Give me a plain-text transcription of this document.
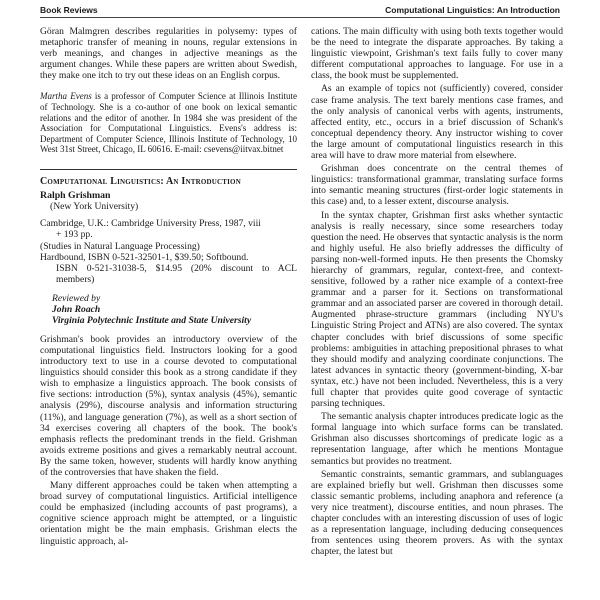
Book Reviews	Computational Linguistics: An Introduction

Göran Malmgren describes regularities in polysemy: types of metaphoric transfer of meaning in nouns, regular extensions in verb meanings, and changes in adjective meanings as the argument changes. While these papers are written about Swedish, they make one itch to try out these ideas on an English corpus.

Martha Evens is a professor of Computer Science at Illinois Institute of Technology. She is a co-author of one book on lexical semantic relations and the editor of another. In 1984 she was president of the Association for Computational Linguistics. Evens's address is: Department of Computer Science, Illinois Institute of Technology, 10 West 31st Street, Chicago, IL 60616. E-mail: csevens@iitvax.bitnet

Computational Linguistics: An Introduction
Ralph Grishman
(New York University)
Cambridge, U.K.: Cambridge University Press, 1987, viii
+ 193 pp.
(Studies in Natural Language Processing)
Hardbound, ISBN 0-521-32501-1, $39.50; Softbound.
ISBN 0-521-31038-5, $14.95 (20% discount to ACL members)
Reviewed by
John Roach
Virginia Polytechnic Institute and State University

Grishman's book provides an introductory overview of the computational linguistics field. Instructors looking for a good introductory text to use in a course devoted to computational linguistics should consider this book as a strong candidate if they wish to emphasize a linguistics approach. The book consists of five sections: introduction (5%), syntax analysis (45%), semantic analysis (29%), discourse analysis and information structuring (11%), and language generation (7%), as well as a short section of 34 exercises covering all chapters of the book. The book's emphasis reflects the predominant trends in the field. Grishman avoids extreme positions and gives a remarkably neutral account. By the same token, however, students will hardly know anything of the controversies that have shaken the field.

Many different approaches could be taken when attempting a broad survey of computational linguistics. Artificial intelligence could be emphasized (including accounts of past programs), a cognitive science approach might be attempted, or a linguistic orientation might be the main emphasis. Grishman elects the linguistic approach, al-

cations. The main difficulty with using both texts together would be the need to integrate the disparate approaches. By taking a linguistic viewpoint, Grishman's text fails fully to cover many different computational approaches to language. For use in a class, the book must be supplemented.

As an example of topics not (sufficiently) covered, consider case frame analysis. The text barely mentions case frames, and the only analysis of canonical verbs with agents, instruments, affected entity, etc., occurs in a brief discussion of Schank's conceptual dependency theory. Any instructor wishing to cover the large amount of computational linguistics research in this area will have to draw more material from elsewhere.

Grishman does concentrate on the central themes of linguistics: transformational grammar, translating surface forms into semantic meaning structures (first-order logic statements in this case) and, to a lesser extent, discourse analysis.

In the syntax chapter, Grishman first asks whether syntactic analysis is really necessary, since some researchers today question the need. He observes that syntactic analysis is the norm and highly useful. He also briefly addresses the difficulty of parsing non-well-formed inputs. He then presents the Chomsky hierarchy of grammars, regular, context-free, and context-sensitive, followed by a rather nice example of a context-free grammar and a parser for it. Sections on transformational grammar and an associated parser are covered in thorough detail. Augmented phrase-structure grammars (including NYU's Linguistic String Project and ATNs) are also covered. The syntax chapter concludes with brief discussions of some specific problems: ambiguities in attaching prepositional phrases to what they should modify and analyzing coordinate conjunctions. The latest advances in syntactic theory (government-binding, X-bar syntax, etc.) have not been included. Nevertheless, this is a very full chapter that provides quite good coverage of syntactic parsing techniques.

The semantic analysis chapter introduces predicate logic as the formal language into which surface forms can be translated. Grishman also discusses shortcomings of predicate logic as a representation language, after which he mentions Montague semantics but provides no treatment.

Semantic constraints, semantic grammars, and sublanguages are explained briefly but well. Grishman then discusses some classic semantic problems, including anaphora and reference (a very nice treatment), discourse entities, and noun phrases. The chapter concludes with an interesting discussion of uses of logic as a representation language, including deducing consequences from sentences using theorem provers. As with the syntax chapter, the latest but
